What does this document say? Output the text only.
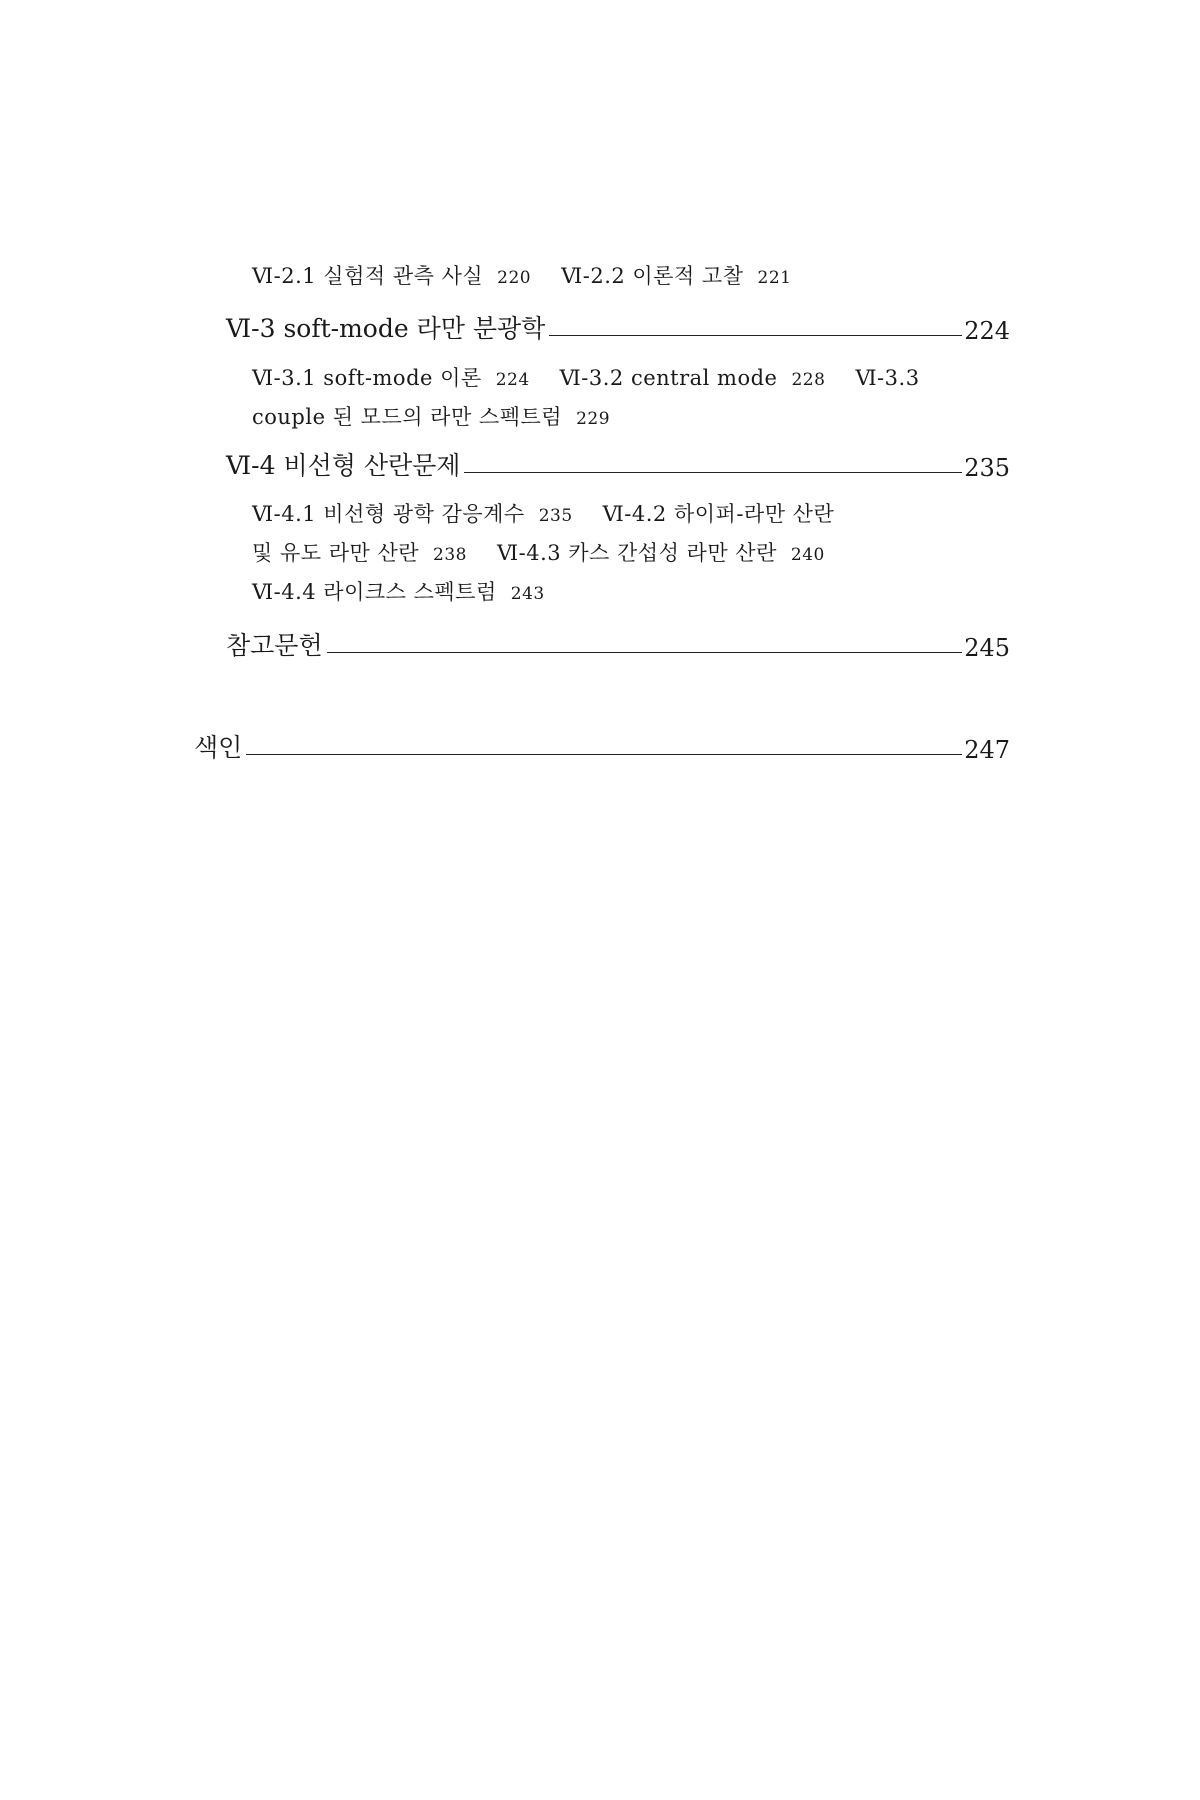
Ⅵ-2.1 실험적 관측 사실 220 Ⅵ-2.2 이론적 고찰 221
Ⅵ-3 soft-mode 라만 분광학	224
Ⅵ-3.1 soft-mode 이론 224 Ⅵ-3.2 central mode 228 Ⅵ-3.3
couple 된 모드의 라만 스펙트럼 229
Ⅵ-4 비선형 산란문제	235
Ⅵ-4.1 비선형 광학 감응계수 235 Ⅵ-4.2 하이퍼-라만 산란
및 유도 라만 산란 238 Ⅵ-4.3 카스 간섭성 라만 산란 240
Ⅵ-4.4 라이크스 스펙트럼 243
참고문헌	245
색인	247
